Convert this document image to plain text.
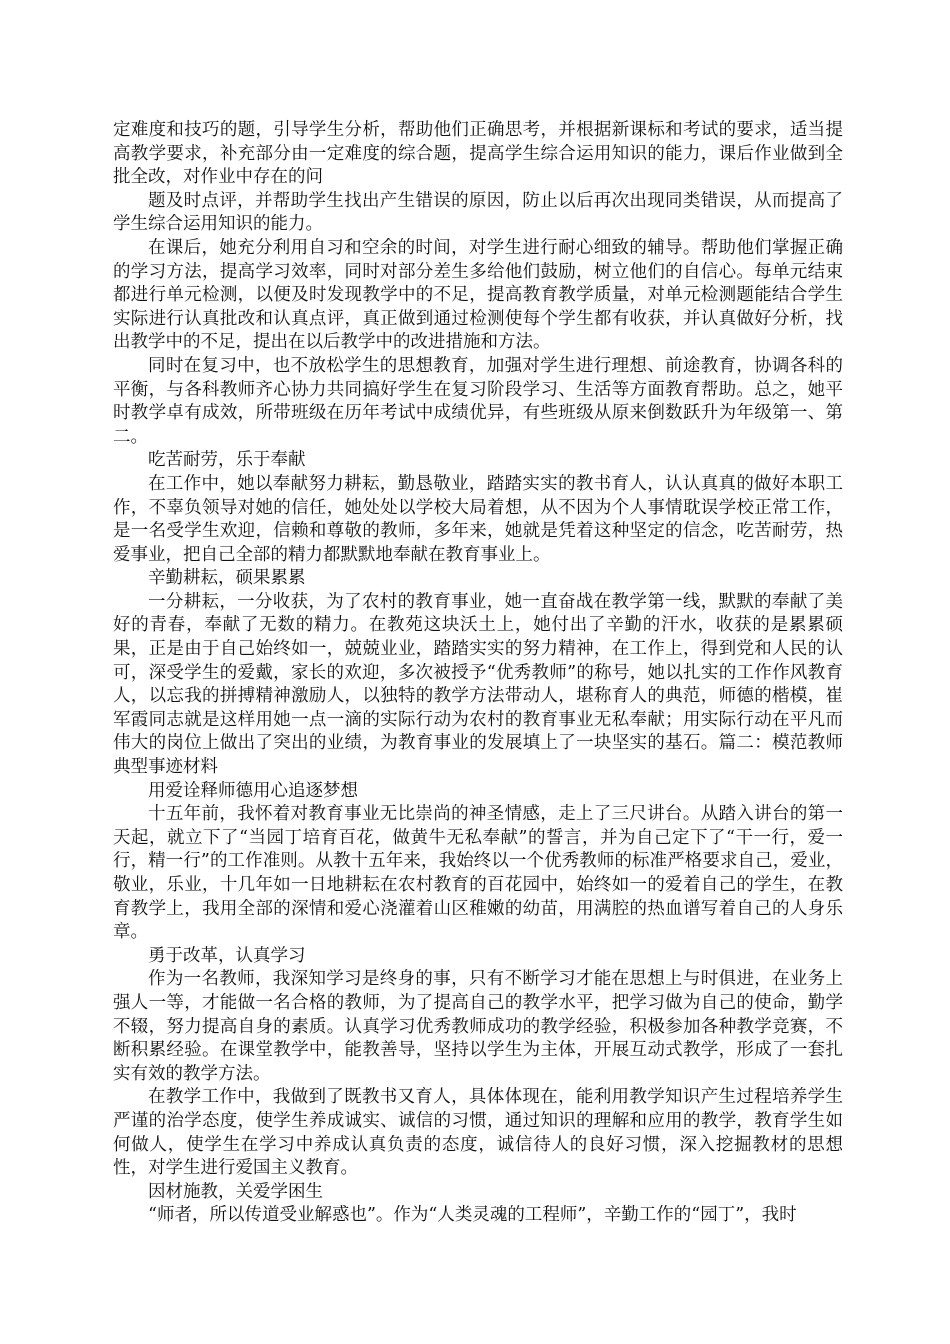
定难度和技巧的题，引导学生分析，帮助他们正确思考，并根据新课标和考试的要求，适当提高教学要求，补充部分由一定难度的综合题，提高学生综合运用知识的能力，课后作业做到全批全改，对作业中存在的问

题及时点评，并帮助学生找出产生错误的原因，防止以后再次出现同类错误，从而提高了学生综合运用知识的能力。

在课后，她充分利用自习和空余的时间，对学生进行耐心细致的辅导。帮助他们掌握正确的学习方法，提高学习效率，同时对部分差生多给他们鼓励，树立他们的自信心。每单元结束都进行单元检测，以便及时发现教学中的不足，提高教育教学质量，对单元检测题能结合学生实际进行认真批改和认真点评，真正做到通过检测使每个学生都有收获，并认真做好分析，找出教学中的不足，提出在以后教学中的改进措施和方法。

同时在复习中，也不放松学生的思想教育，加强对学生进行理想、前途教育，协调各科的平衡，与各科教师齐心协力共同搞好学生在复习阶段学习、生活等方面教育帮助。总之，她平时教学卓有成效，所带班级在历年考试中成绩优异，有些班级从原来倒数跃升为年级第一、第二。

吃苦耐劳，乐于奉献

在工作中，她以奉献努力耕耘，勤恳敬业，踏踏实实的教书育人，认认真真的做好本职工作，不辜负领导对她的信任，她处处以学校大局着想，从不因为个人事情耽误学校正常工作，是一名受学生欢迎，信赖和尊敬的教师，多年来，她就是凭着这种坚定的信念，吃苦耐劳，热爱事业，把自己全部的精力都默默地奉献在教育事业上。

辛勤耕耘，硕果累累

一分耕耘，一分收获，为了农村的教育事业，她一直奋战在教学第一线，默默的奉献了美好的青春，奉献了无数的精力。在教苑这块沃土上，她付出了辛勤的汗水，收获的是累累硕果，正是由于自己始终如一，兢兢业业，踏踏实实的努力精神，在工作上，得到党和人民的认可，深受学生的爱戴，家长的欢迎，多次被授予“优秀教师”的称号，她以扎实的工作作风教育人，以忘我的拼搏精神激励人，以独特的教学方法带动人，堪称育人的典范，师德的楷模，崔军霞同志就是这样用她一点一滴的实际行动为农村的教育事业无私奉献；用实际行动在平凡而伟大的岗位上做出了突出的业绩，为教育事业的发展填上了一块坚实的基石。篇二：模范教师典型事迹材料

用爱诠释师德用心追逐梦想

十五年前，我怀着对教育事业无比崇尚的神圣情感，走上了三尺讲台。从踏入讲台的第一天起，就立下了“当园丁培育百花，做黄牛无私奉献”的誓言，并为自己定下了“干一行，爱一行，精一行”的工作准则。从教十五年来，我始终以一个优秀教师的标准严格要求自己，爱业，敬业，乐业，十几年如一日地耕耘在农村教育的百花园中，始终如一的爱着自己的学生，在教育教学上，我用全部的深情和爱心浇灌着山区稚嫩的幼苗，用满腔的热血谱写着自己的人身乐章。

勇于改革，认真学习

作为一名教师，我深知学习是终身的事，只有不断学习才能在思想上与时俱进，在业务上强人一等，才能做一名合格的教师，为了提高自己的教学水平，把学习做为自己的使命，勤学不辍，努力提高自身的素质。认真学习优秀教师成功的教学经验，积极参加各种教学竞赛，不断积累经验。在课堂教学中，能教善导，坚持以学生为主体，开展互动式教学，形成了一套扎实有效的教学方法。

在教学工作中，我做到了既教书又育人，具体体现在，能利用教学知识产生过程培养学生严谨的治学态度，使学生养成诚实、诚信的习惯，通过知识的理解和应用的教学，教育学生如何做人，使学生在学习中养成认真负责的态度，诚信待人的良好习惯，深入挖掘教材的思想性，对学生进行爱国主义教育。

因材施教，关爱学困生

“师者，所以传道受业解惑也”。作为“人类灵魂的工程师”，辛勤工作的“园丁”，我时
